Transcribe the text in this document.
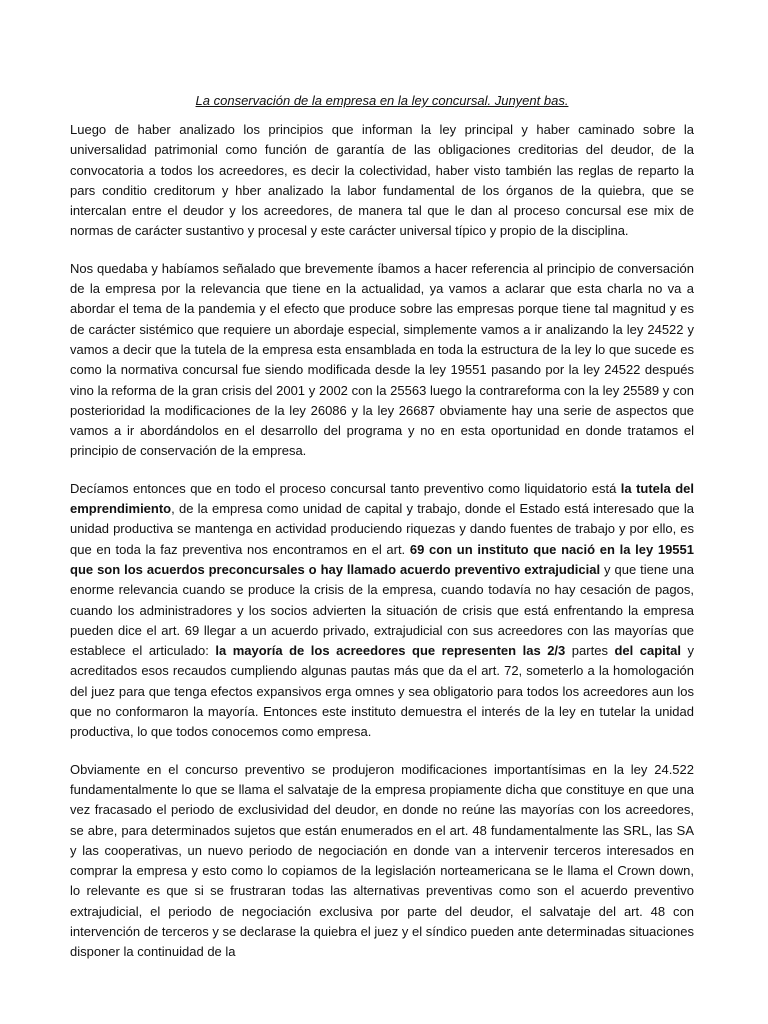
La conservación de la empresa en la ley concursal. Junyent bas.

Luego de haber analizado los principios que informan la ley principal y haber caminado sobre la universalidad patrimonial como función de garantía de las obligaciones creditorias del deudor, de la convocatoria a todos los acreedores, es decir la colectividad, haber visto también las reglas de reparto la pars conditio creditorum y hber analizado la labor fundamental de los órganos de la quiebra, que se intercalan entre el deudor y los acreedores, de manera tal que le dan al proceso concursal ese mix de normas de carácter sustantivo y procesal y este carácter universal típico y propio de la disciplina.

Nos quedaba y habíamos señalado que brevemente íbamos a hacer referencia al principio de conversación de la empresa por la relevancia que tiene en la actualidad, ya vamos a aclarar que esta charla no va a abordar el tema de la pandemia y el efecto que produce sobre las empresas porque tiene tal magnitud y es de carácter sistémico que requiere un abordaje especial, simplemente vamos a ir analizando la ley 24522 y vamos a decir que la tutela de la empresa esta ensamblada en toda la estructura de la ley lo que sucede es como la normativa concursal fue siendo modificada desde la ley 19551 pasando por la ley 24522 después vino la reforma de la gran crisis del 2001 y 2002 con la 25563 luego la contrareforma con la ley 25589 y con posterioridad la modificaciones de la ley 26086 y la ley 26687 obviamente hay una serie de aspectos que vamos a ir abordándolos en el desarrollo del programa y no en esta oportunidad en donde tratamos el principio de conservación de la empresa.

Decíamos entonces que en todo el proceso concursal tanto preventivo como liquidatorio está la tutela del emprendimiento, de la empresa como unidad de capital y trabajo, donde el Estado está interesado que la unidad productiva se mantenga en actividad produciendo riquezas y dando fuentes de trabajo y por ello, es que en toda la faz preventiva nos encontramos en el art. 69 con un instituto que nació en la ley 19551 que son los acuerdos preconcursales o hay llamado acuerdo preventivo extrajudicial y que tiene una enorme relevancia cuando se produce la crisis de la empresa, cuando todavía no hay cesación de pagos, cuando los administradores y los socios advierten la situación de crisis que está enfrentando la empresa pueden dice el art. 69 llegar a un acuerdo privado, extrajudicial con sus acreedores con las mayorías que establece el articulado: la mayoría de los acreedores que representen las 2/3 partes del capital y acreditados esos recaudos cumpliendo algunas pautas más que da el art. 72, someterlo a la homologación del juez para que tenga efectos expansivos erga omnes y sea obligatorio para todos los acreedores aun los que no conformaron la mayoría. Entonces este instituto demuestra el interés de la ley en tutelar la unidad productiva, lo que todos conocemos como empresa.

Obviamente en el concurso preventivo se produjeron modificaciones importantísimas en la ley 24.522 fundamentalmente lo que se llama el salvataje de la empresa propiamente dicha que constituye en que una vez fracasado el periodo de exclusividad del deudor, en donde no reúne las mayorías con los acreedores, se abre, para determinados sujetos que están enumerados en el art. 48 fundamentalmente las SRL, las SA y las cooperativas, un nuevo periodo de negociación en donde van a intervenir terceros interesados en comprar la empresa y esto como lo copiamos de la legislación norteamericana se le llama el Crown down, lo relevante es que si se frustraran todas las alternativas preventivas como son el acuerdo preventivo extrajudicial, el periodo de negociación exclusiva por parte del deudor, el salvataje del art. 48 con intervención de terceros y se declarase la quiebra el juez y el síndico pueden ante determinadas situaciones disponer la continuidad de la
